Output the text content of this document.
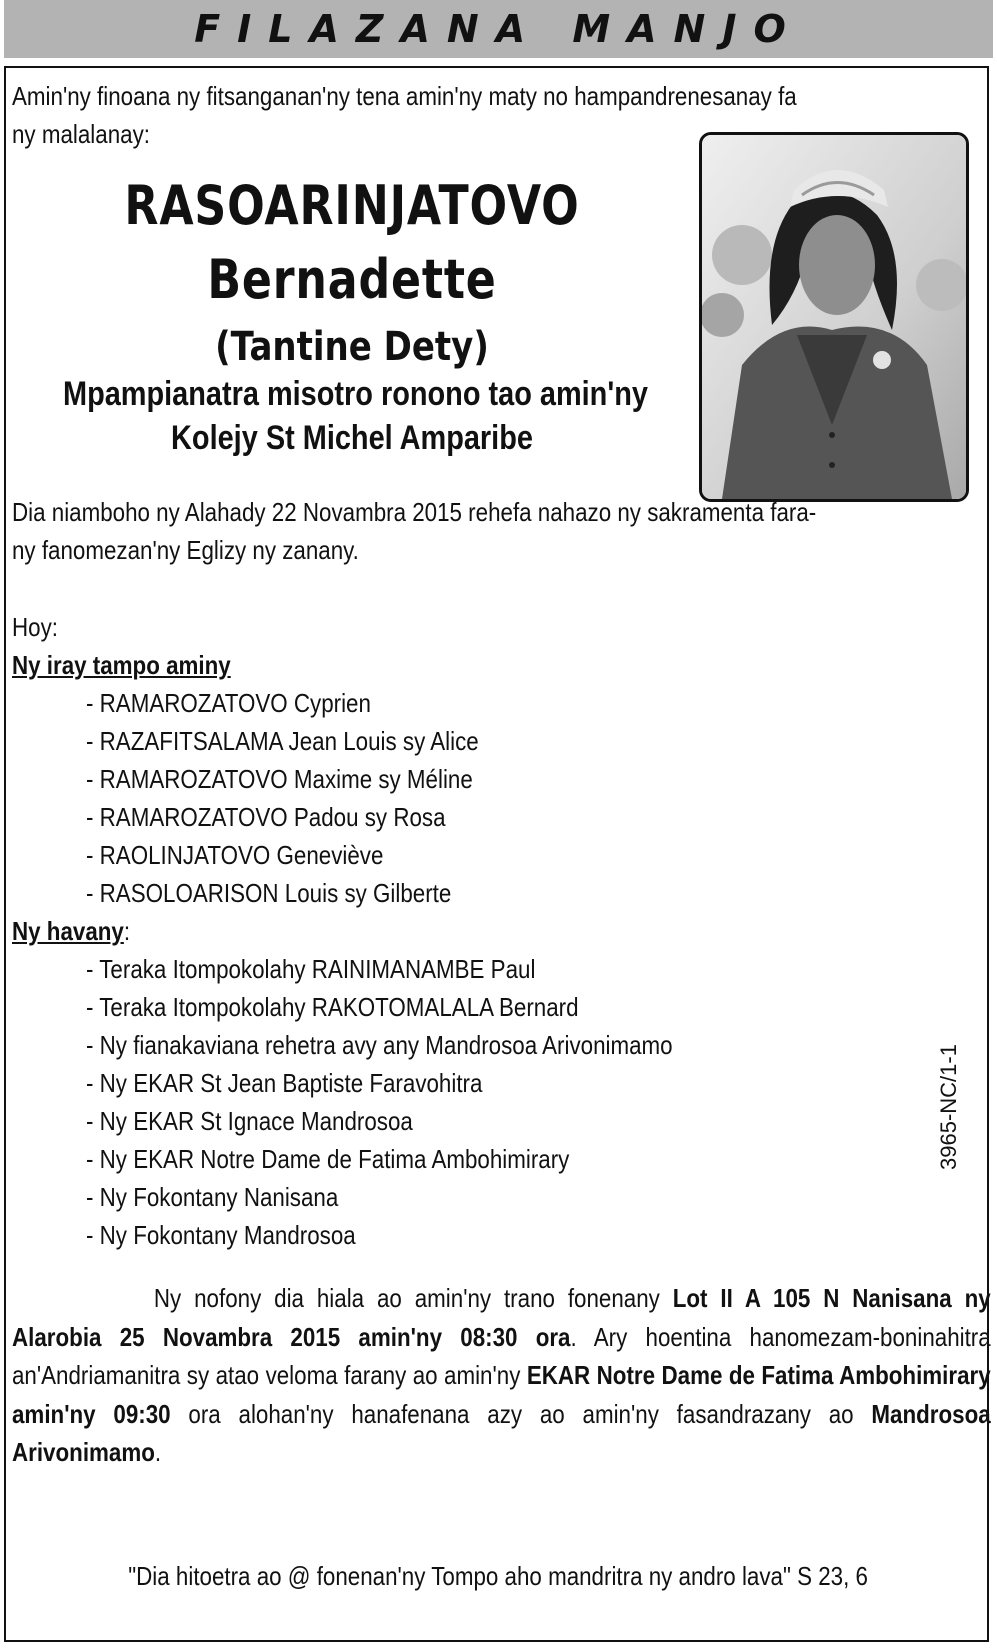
FILAZANA MANJO
Amin'ny finoana ny fitsanganan'ny tena amin'ny maty no hampandrenesanay fa
ny malalanay:
RASOARINJATOVO
Bernadette
(Tantine Dety)
Mpampianatra misotro ronono tao amin'ny
Kolejy St Michel Amparibe
Dia niamboho ny Alahady 22 Novambra 2015 rehefa nahazo ny sakramenta fara-
ny fanomezan'ny Eglizy ny zanany.
Hoy:
Ny iray tampo aminy
- RAMAROZATOVO Cyprien
- RAZAFITSALAMA Jean Louis sy Alice
- RAMAROZATOVO Maxime sy Méline
- RAMAROZATOVO Padou sy Rosa
- RAOLINJATOVO Geneviève
- RASOLOARISON Louis sy Gilberte
Ny havany:
- Teraka Itompokolahy RAINIMANAMBE Paul
- Teraka Itompokolahy RAKOTOMALALA Bernard
- Ny fianakaviana rehetra avy any Mandrosoa Arivonimamo
- Ny EKAR St Jean Baptiste Faravohitra
- Ny EKAR St Ignace Mandrosoa
- Ny EKAR Notre Dame de Fatima Ambohimirary
- Ny Fokontany Nanisana
- Ny Fokontany Mandrosoa
Ny nofony dia hiala ao amin'ny trano fonenany Lot II A 105 N Nanisana ny Alarobia 25 Novambra 2015 amin'ny 08:30 ora. Ary hoentina hanomezam-boninahitra an'Andriamanitra sy atao veloma farany ao amin'ny EKAR Notre Dame de Fatima Ambohimirary amin'ny 09:30 ora alohan'ny hanafenana azy ao amin'ny fasandrazany ao Mandrosoa Arivonimamo.
"Dia hitoetra ao @ fonenan'ny Tompo aho mandritra ny andro lava" S 23, 6
3965-NC/1-1
